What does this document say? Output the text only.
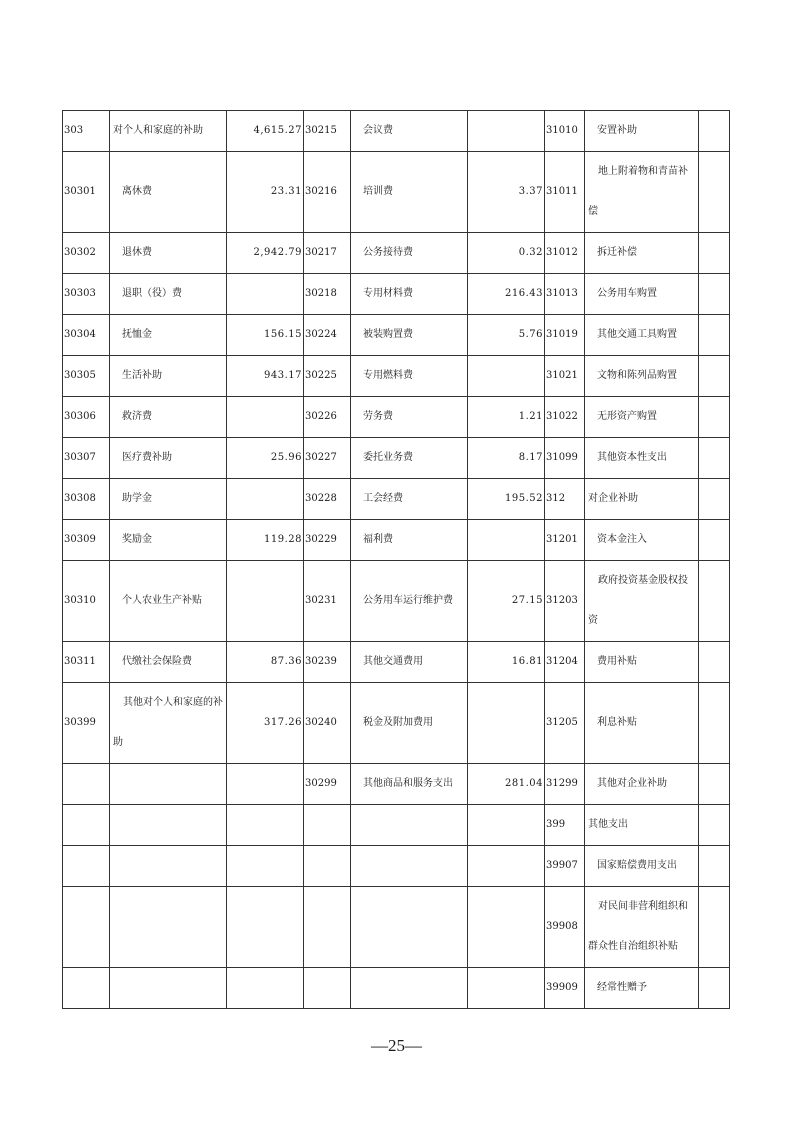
303	对个人和家庭的补助	4,615.27	30215	会议费		31010	安置补助	
30301	离休费	23.31	30216	培训费	3.37	31011	地上附着物和青苗补偿	

30302	退休费	2,942.79	30217	公务接待费	0.32	31012	拆迁补偿	
30303	退职（役）费		30218	专用材料费	216.43	31013	公务用车购置	
30304	抚恤金	156.15	30224	被装购置费	5.76	31019	其他交通工具购置	
30305	生活补助	943.17	30225	专用燃料费		31021	文物和陈列品购置	
30306	救济费		30226	劳务费	1.21	31022	无形资产购置	
30307	医疗费补助	25.96	30227	委托业务费	8.17	31099	其他资本性支出	
30308	助学金		30228	工会经费	195.52	312	对企业补助	
30309	奖励金	119.28	30229	福利费		31201	资本金注入	
30310	个人农业生产补贴		30231	公务用车运行维护费	27.15	31203	政府投资基金股权投资	

30311	代缴社会保险费	87.36	30239	其他交通费用	16.81	31204	费用补贴	
30399	其他对个人和家庭的补助	317.26	30240	税金及附加费用		31205	利息补贴	
			30299	其他商品和服务支出	281.04	31299	其他对企业补助	
						399	其他支出	
						39907	国家赔偿费用支出	
						39908	对民间非营利组织和群众性自治组织补贴	

						39909	经常性赠予	
—25—
